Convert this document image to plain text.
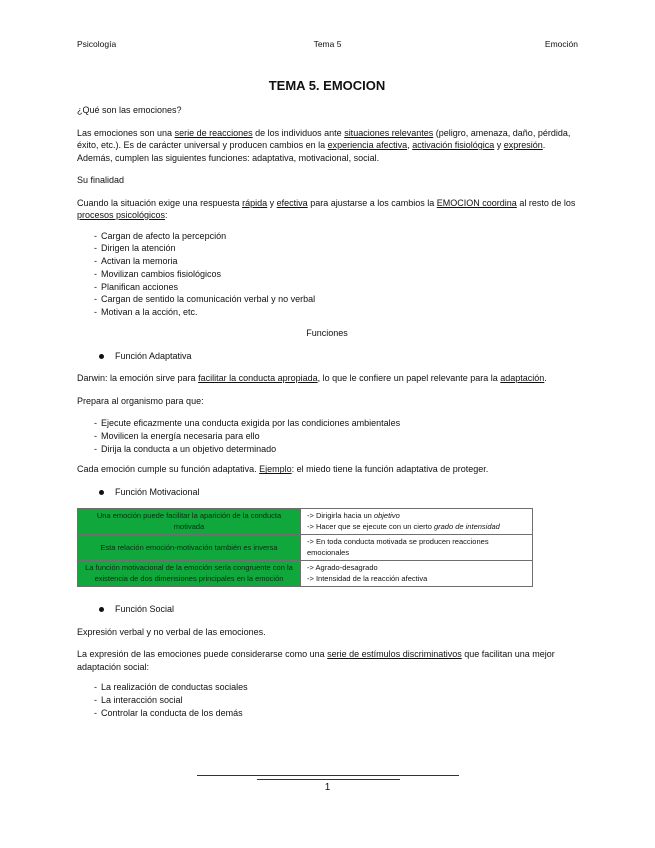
Psicología	Tema 5	Emoción
TEMA 5. EMOCION

¿Qué son las emociones?

Las emociones son una serie de reacciones de los individuos ante situaciones relevantes (peligro, amenaza, daño, pérdida, éxito, etc.). Es de carácter universal y producen cambios en la experiencia afectiva, activación fisiológica y expresión. Además, cumplen las siguientes funciones: adaptativa, motivacional, social.

Su finalidad

Cuando la situación exige una respuesta rápida y efectiva para ajustarse a los cambios la EMOCION coordina al resto de los procesos psicológicos:

- Cargan de afecto la percepción
- Dirigen la atención
- Activan la memoria
- Movilizan cambios fisiológicos
- Planifican acciones
- Cargan de sentido la comunicación verbal y no verbal
- Motivan a la acción, etc.

Funciones

Función Adaptativa

Darwin: la emoción sirve para facilitar la conducta apropiada, lo que le confiere un papel relevante para la adaptación.

Prepara al organismo para que:

- Ejecute eficazmente una conducta exigida por las condiciones ambientales
- Movilicen la energía necesaria para ello
- Dirija la conducta a un objetivo determinado

Cada emoción cumple su función adaptativa. Ejemplo: el miedo tiene la función adaptativa de proteger.

Función Motivacional

Una emoción puede facilitar la aparición de la conducta motivada	-> Dirigirla hacia un objetivo
-> Hacer que se ejecute con un cierto grado de intensidad

Esta relación emoción-motivación también es inversa	-> En toda conducta motivada se producen reacciones emocionales
La función motivacional de la emoción sería congruente con la existencia de dos dimensiones principales en la emoción	-> Agrado-desagrado
-> Intensidad de la reacción afectiva

Función Social

Expresión verbal y no verbal de las emociones.

La expresión de las emociones puede considerarse como una serie de estímulos discriminativos que facilitan una mejor adaptación social:

- La realización de conductas sociales
- La interacción social
- Controlar la conducta de los demás
1
